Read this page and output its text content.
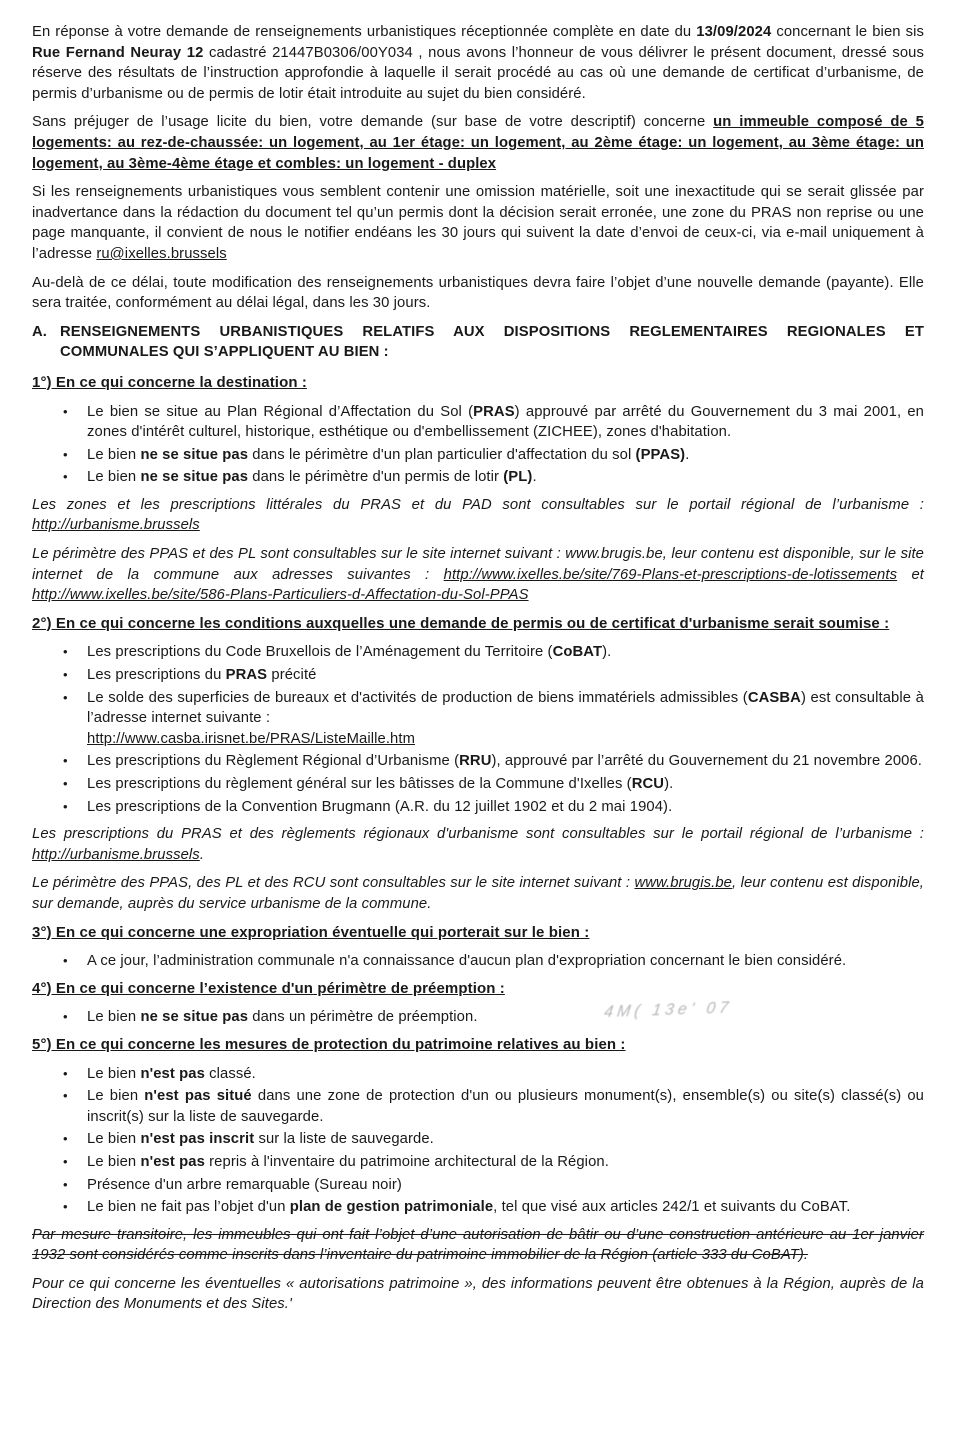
En réponse à votre demande de renseignements urbanistiques réceptionnée complète en date du 13/09/2024 concernant le bien sis Rue Fernand Neuray 12 cadastré 21447B0306/00Y034 , nous avons l’honneur de vous délivrer le présent document, dressé sous réserve des résultats de l’instruction approfondie à laquelle il serait procédé au cas où une demande de certificat d’urbanisme, de permis d’urbanisme ou de permis de lotir était introduite au sujet du bien considéré.

Sans préjuger de l’usage licite du bien, votre demande (sur base de votre descriptif) concerne un immeuble composé de 5 logements: au rez-de-chaussée: un logement, au 1er étage: un logement, au 2ème étage: un logement, au 3ème étage: un logement, au 3ème-4ème étage et combles: un logement - duplex

Si les renseignements urbanistiques vous semblent contenir une omission matérielle, soit une inexactitude qui se serait glissée par inadvertance dans la rédaction du document tel qu’un permis dont la décision serait erronée, une zone du PRAS non reprise ou une page manquante, il convient de nous le notifier endéans les 30 jours qui suivent la date d’envoi de ceux-ci, via e-mail uniquement à l’adresse ru@ixelles.brussels

Au-delà de ce délai, toute modification des renseignements urbanistiques devra faire l’objet d’une nouvelle demande (payante). Elle sera traitée, conformément au délai légal, dans les 30 jours.

A. RENSEIGNEMENTS URBANISTIQUES RELATIFS AUX DISPOSITIONS REGLEMENTAIRES REGIONALES ET COMMUNALES QUI S’APPLIQUENT AU BIEN :
1°) En ce qui concerne la destination :
• Le bien se situe au Plan Régional d’Affectation du Sol (PRAS) approuvé par arrêté du Gouvernement du 3 mai 2001, en zones d'intérêt culturel, historique, esthétique ou d'embellissement (ZICHEE), zones d'habitation.
• Le bien ne se situe pas dans le périmètre d'un plan particulier d'affectation du sol (PPAS).
• Le bien ne se situe pas dans le périmètre d'un permis de lotir (PL).

Les zones et les prescriptions littérales du PRAS et du PAD sont consultables sur le portail régional de l’urbanisme : http://urbanisme.brussels

Le périmètre des PPAS et des PL sont consultables sur le site internet suivant : www.brugis.be, leur contenu est disponible, sur le site internet de la commune aux adresses suivantes : http://www.ixelles.be/site/769-Plans-et-prescriptions-de-lotissements et http://www.ixelles.be/site/586-Plans-Particuliers-d-Affectation-du-Sol-PPAS

2°) En ce qui concerne les conditions auxquelles une demande de permis ou de certificat d'urbanisme serait soumise :
• Les prescriptions du Code Bruxellois de l’Aménagement du Territoire (CoBAT).
• Les prescriptions du PRAS précité
• Le solde des superficies de bureaux et d'activités de production de biens immatériels admissibles (CASBA) est consultable à l’adresse internet suivante :
http://www.casba.irisnet.be/PRAS/ListeMaille.htm
• Les prescriptions du Règlement Régional d’Urbanisme (RRU), approuvé par l’arrêté du Gouvernement du 21 novembre 2006.
• Les prescriptions du règlement général sur les bâtisses de la Commune d'Ixelles (RCU).
• Les prescriptions de la Convention Brugmann (A.R. du 12 juillet 1902 et du 2 mai 1904).

Les prescriptions du PRAS et des règlements régionaux d'urbanisme sont consultables sur le portail régional de l’urbanisme : http://urbanisme.brussels.

Le périmètre des PPAS, des PL et des RCU sont consultables sur le site internet suivant : www.brugis.be, leur contenu est disponible, sur demande, auprès du service urbanisme de la commune.

3°) En ce qui concerne une expropriation éventuelle qui porterait sur le bien :
• A ce jour, l’administration communale n'a connaissance d'aucun plan d'expropriation concernant le bien considéré.
4°) En ce qui concerne l’existence d'un périmètre de préemption :
4M( 13e' 07
• Le bien ne se situe pas dans un périmètre de préemption.
5°) En ce qui concerne les mesures de protection du patrimoine relatives au bien :
• Le bien n'est pas classé.
• Le bien n'est pas situé dans une zone de protection d'un ou plusieurs monument(s), ensemble(s) ou site(s) classé(s) ou inscrit(s) sur la liste de sauvegarde.
• Le bien n'est pas inscrit sur la liste de sauvegarde.
• Le bien n'est pas repris à l'inventaire du patrimoine architectural de la Région.
• Présence d'un arbre remarquable (Sureau noir)
• Le bien ne fait pas l’objet d'un plan de gestion patrimoniale, tel que visé aux articles 242/1 et suivants du CoBAT.

Par mesure transitoire, les immeubles qui ont fait l’objet d’une autorisation de bâtir ou d’une construction antérieure au 1er janvier 1932 sont considérés comme inscrits dans l’inventaire du patrimoine immobilier de la Région (article 333 du CoBAT).

Pour ce qui concerne les éventuelles « autorisations patrimoine », des informations peuvent être obtenues à la Région, auprès de la Direction des Monuments et des Sites.'
